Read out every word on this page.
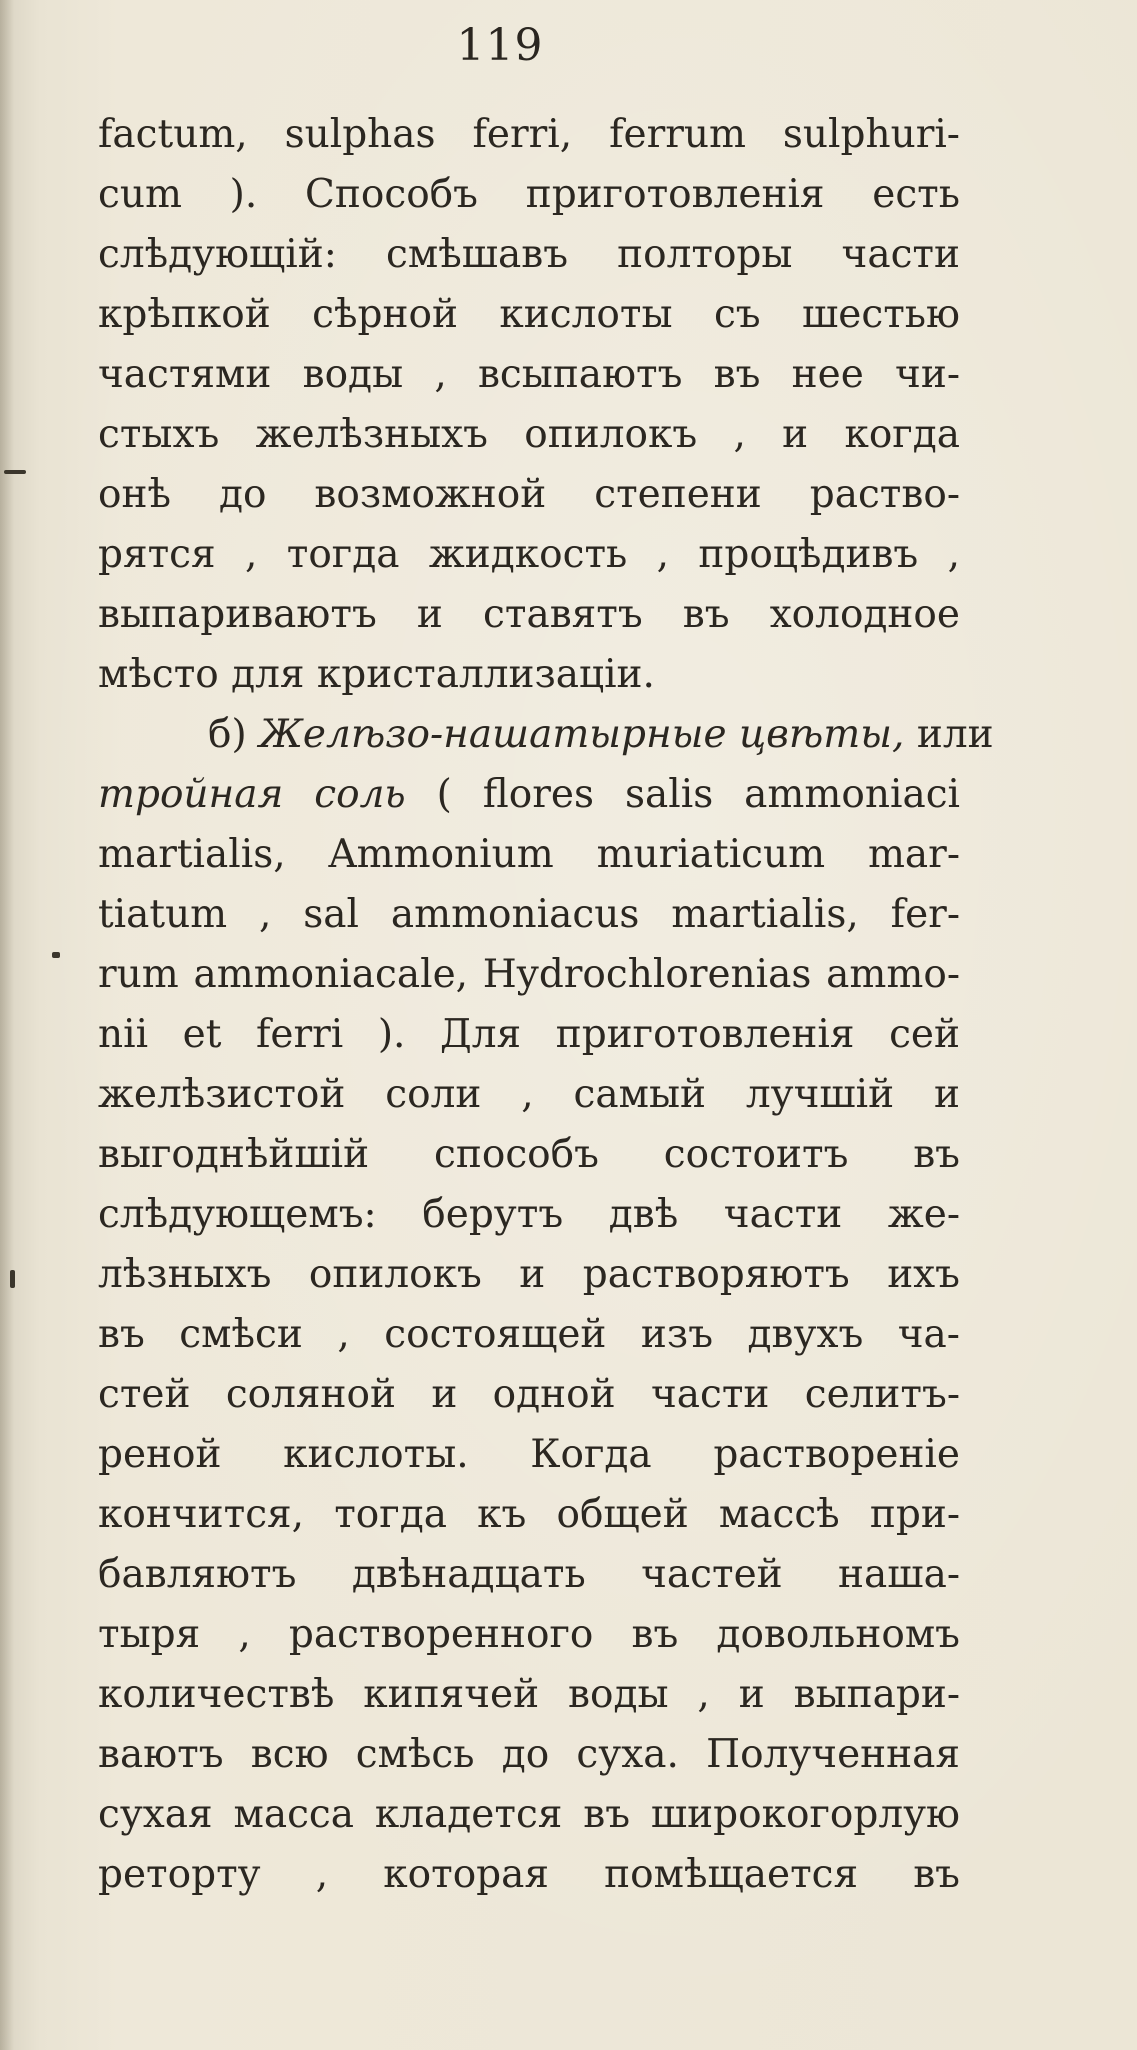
119
factum, sulphas ferri, ferrum sulphuri-
cum ). Способъ приготовленія есть
слѣдующій: смѣшавъ полторы части
крѣпкой сѣрной кислоты съ шестью
частями воды , всыпаютъ въ нее чи-
стыхъ желѣзныхъ опилокъ , и когда
онѣ до возможной степени раство-
рятся , тогда жидкость , процѣдивъ ,
выпариваютъ и ставятъ въ холодное
мѣсто для кристаллизаціи.
б) Желѣзо-нашатырные цвѣты, или
тройная соль ( flores salis ammoniaci
martialis, Ammonium muriaticum mar-
tiatum , sal ammoniacus martialis, fer-
rum ammoniacale, Hydrochlorenias ammo-
nii et ferri ). Для приготовленія сей
желѣзистой соли , самый лучшій и
выгоднѣйшій способъ состоитъ въ
слѣдующемъ: берутъ двѣ части же-
лѣзныхъ опилокъ и растворяютъ ихъ
въ смѣси , состоящей изъ двухъ ча-
стей соляной и одной части селитъ-
реной кислоты. Когда раствореніе
кончится, тогда къ общей массѣ при-
бавляютъ двѣнадцать частей наша-
тыря , растворенного въ довольномъ
количествѣ кипячей воды , и выпари-
ваютъ всю смѣсь до суха. Полученная
сухая масса кладется въ широкогорлую
реторту , которая помѣщается въ
